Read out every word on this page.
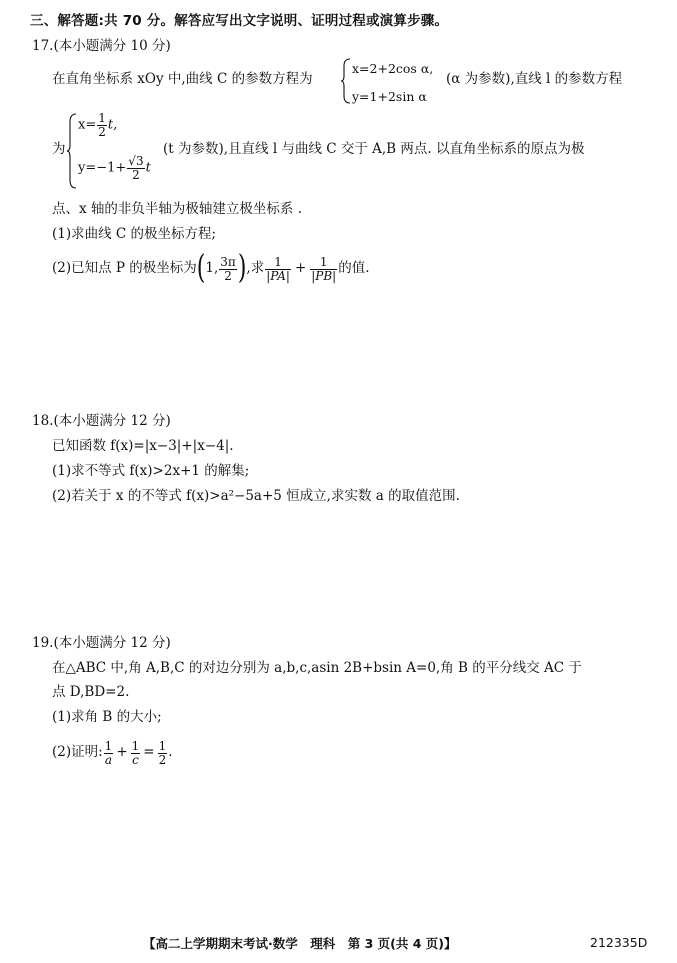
三、解答题:共 70 分。解答应写出文字说明、证明过程或演算步骤。
17.(本小题满分 10 分)
在直角坐标系 xOy 中,曲线 C 的参数方程为
x=2+2cos α,
y=1+2sin α
(α 为参数),直线 l 的参数方程
为
$x= \frac{1}{2} t$,
$y=-1+ \frac{√3}{2}$ t
(t 为参数),且直线 l 与曲线 C 交于 A,B 两点. 以直角坐标系的原点为极
点、x 轴的非负半轴为极轴建立极坐标系 .
(1)求曲线 C 的极坐标方程;
(2)已知点 P 的极坐标为 ( 1, $\frac{3\pi}{2}$ ) ,求 $\frac{1}{|PA|} + \frac{1}{|PB|}$ 的值.
18.(本小题满分 12 分)
已知函数 f(x)=|x−3|+|x−4|.
(1)求不等式 f(x)>2x+1 的解集;
(2)若关于 x 的不等式 f(x)>a²−5a+5 恒成立,求实数 a 的取值范围.
19.(本小题满分 12 分)
在△ABC 中,角 A,B,C 的对边分别为 a,b,c,asin 2B+bsin A=0,角 B 的平分线交 AC 于
点 D,BD=2.
(1)求角 B 的大小;
(2)证明: $\frac{1}{a} + \frac{1}{c} = \frac{1}{2}$ .
【高二上学期期末考试·数学　理科　第 3 页(共 4 页)】	212335D
